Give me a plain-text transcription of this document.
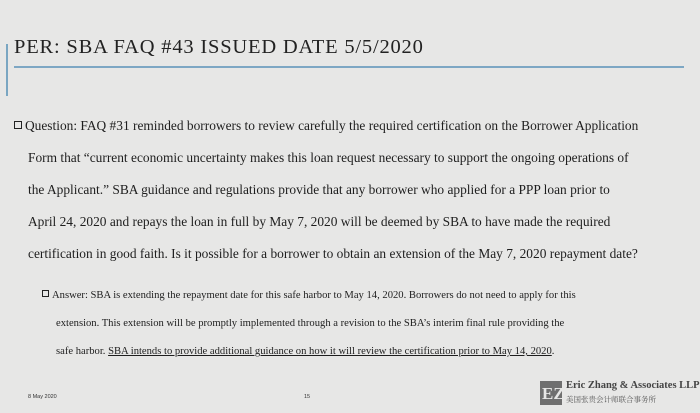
PER: SBA FAQ #43 ISSUED DATE 5/5/2020
Question: FAQ #31 reminded borrowers to review carefully the required certification on the Borrower Application
Form that “current economic uncertainty makes this loan request necessary to support the ongoing operations of
the Applicant.” SBA guidance and regulations provide that any borrower who applied for a PPP loan prior to
April 24, 2020 and repays the loan in full by May 7, 2020 will be deemed by SBA to have made the required
certification in good faith. Is it possible for a borrower to obtain an extension of the May 7, 2020 repayment date?
Answer: SBA is extending the repayment date for this safe harbor to May 14, 2020. Borrowers do not need to apply for this
extension. This extension will be promptly implemented through a revision to the SBA’s interim final rule providing the
safe harbor. SBA intends to provide additional guidance on how it will review the certification prior to May 14, 2020.
8 May 2020	15	EZ Eric Zhang & Associates LLP
美国张贵会计师联合事务所
